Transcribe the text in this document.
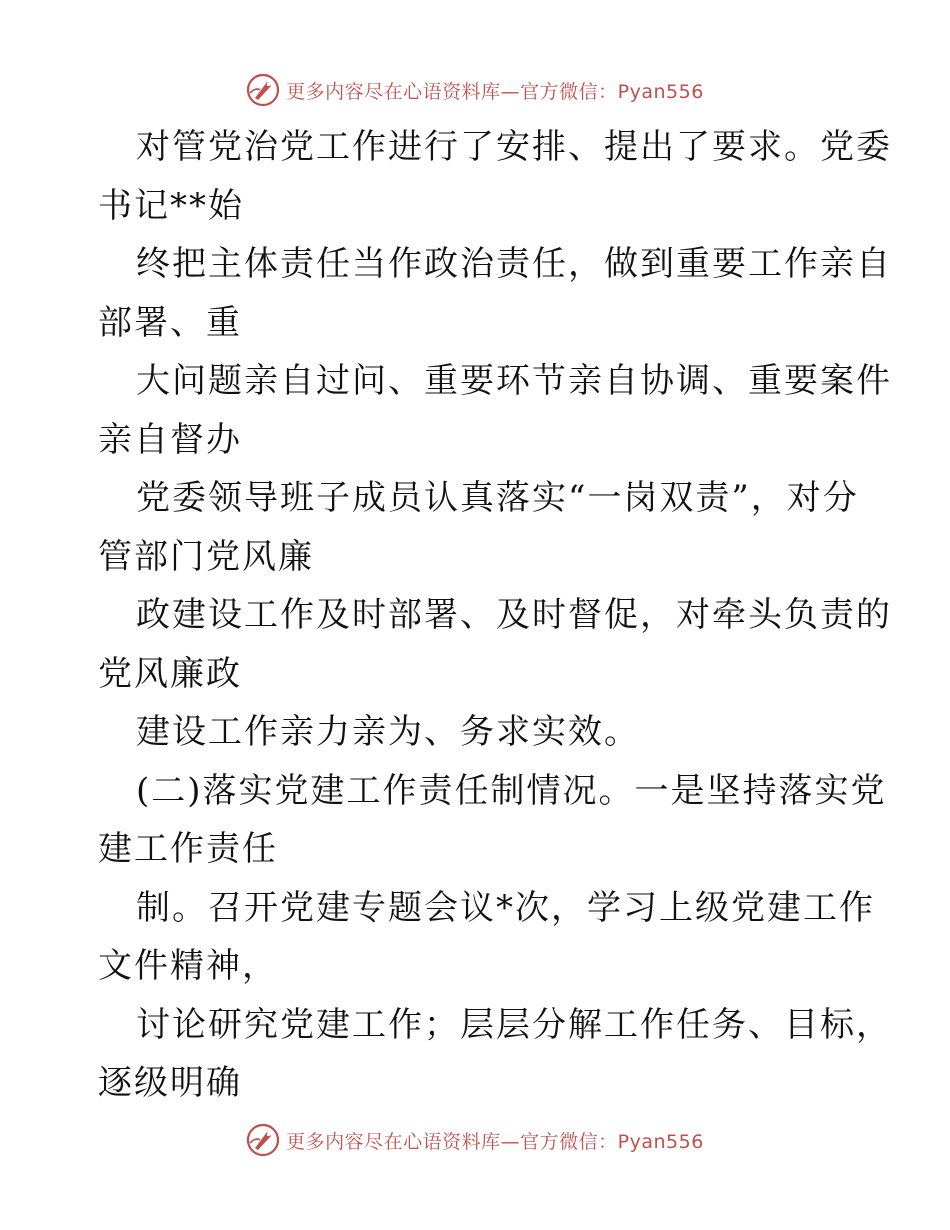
更多内容尽在心语资料库—官方微信：Pyan556
对管党治党工作进行了安排、提出了要求。党委
书记**始
终把主体责任当作政治责任，做到重要工作亲自
部署、重
大问题亲自过问、重要环节亲自协调、重要案件
亲自督办
党委领导班子成员认真落实“一岗双责”，对分
管部门党风廉
政建设工作及时部署、及时督促，对牵头负责的
党风廉政
建设工作亲力亲为、务求实效。
(二)落实党建工作责任制情况。一是坚持落实党
建工作责任
制。召开党建专题会议*次，学习上级党建工作
文件精神，
讨论研究党建工作；层层分解工作任务、目标，
逐级明确
更多内容尽在心语资料库—官方微信：Pyan556
